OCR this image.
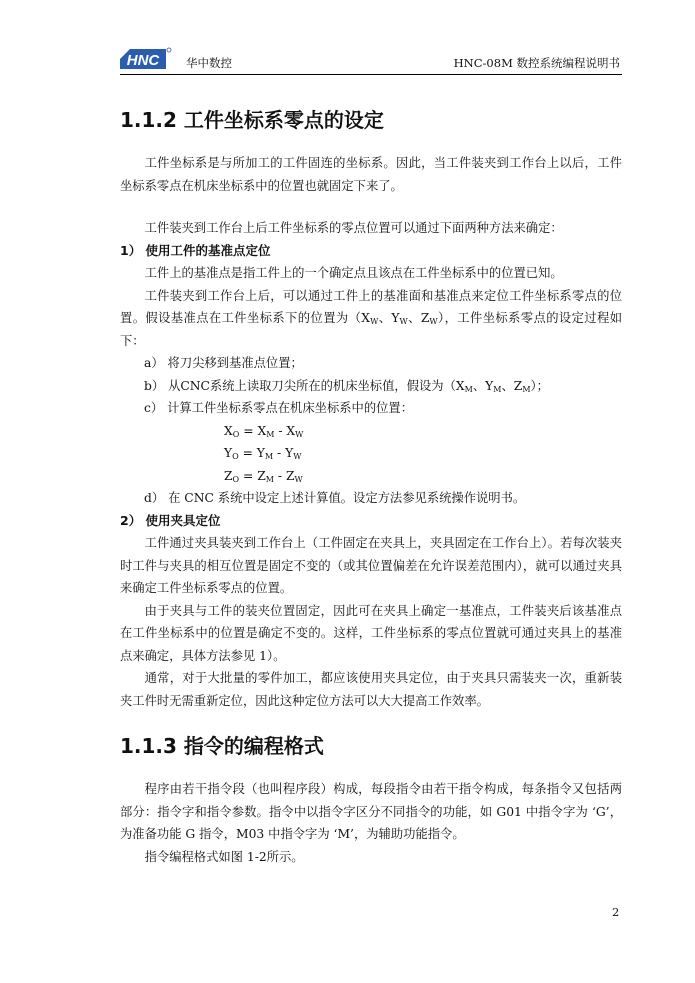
HNC 华中数控	HNC-08M 数控系统编程说明书
1.1.2 工件坐标系零点的设定

工件坐标系是与所加工的工件固连的坐标系。因此，当工件装夹到工作台上以后，工件坐标系零点在机床坐标系中的位置也就固定下来了。

工件装夹到工作台上后工件坐标系的零点位置可以通过下面两种方法来确定：

1） 使用工件的基准点定位

工件上的基准点是指工件上的一个确定点且该点在工件坐标系中的位置已知。

工件装夹到工作台上后，可以通过工件上的基准面和基准点来定位工件坐标系零点的位置。假设基准点在工件坐标系下的位置为（$X_W$、$Y_W$、$Z_W$），工件坐标系零点的设定过程如下：

a） 将刀尖移到基准点位置；
b） 从CNC系统上读取刀尖所在的机床坐标值，假设为（$X_M$、$Y_M$、$Z_M$）；
c） 计算工件坐标系零点在机床坐标系中的位置：
$X_O = X_M - X_W$
$Y_O = Y_M - Y_W$
$Z_O = Z_M - Z_W$
d） 在 CNC 系统中设定上述计算值。设定方法参见系统操作说明书。
2） 使用夹具定位

工件通过夹具装夹到工作台上（工件固定在夹具上，夹具固定在工作台上）。若每次装夹时工件与夹具的相互位置是固定不变的（或其位置偏差在允许误差范围内），就可以通过夹具来确定工件坐标系零点的位置。

由于夹具与工件的装夹位置固定，因此可在夹具上确定一基准点，工件装夹后该基准点在工件坐标系中的位置是确定不变的。这样，工件坐标系的零点位置就可通过夹具上的基准点来确定，具体方法参见 1）。

通常，对于大批量的零件加工，都应该使用夹具定位，由于夹具只需装夹一次，重新装夹工件时无需重新定位，因此这种定位方法可以大大提高工作效率。

1.1.3 指令的编程格式

程序由若干指令段（也叫程序段）构成，每段指令由若干指令构成，每条指令又包括两部分：指令字和指令参数。指令中以指令字区分不同指令的功能，如 G01 中指令字为 ‘G’，为准备功能 G 指令，M03 中指令字为 ‘M’，为辅助功能指令。

指令编程格式如图 1-2所示。

2
